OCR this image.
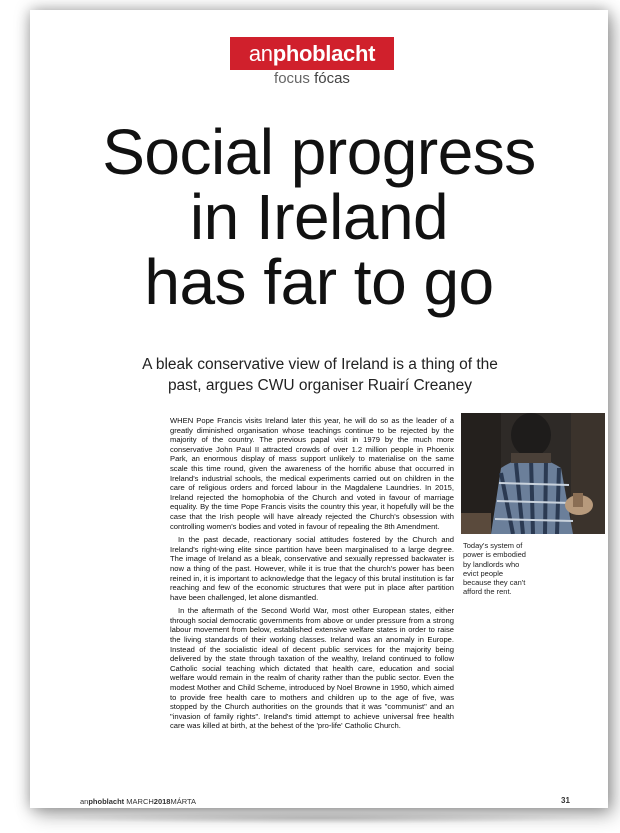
anphoblacht
focus fócas
Social progress
in Ireland
has far to go
A bleak conservative view of Ireland is a thing of the
past, argues CWU organiser Ruairí Creaney

WHEN Pope Francis visits Ireland later this year, he will do so as the leader of a greatly diminished organisation whose teachings continue to be rejected by the majority of the country. The previous papal visit in 1979 by the much more conservative John Paul II attracted crowds of over 1.2 million people in Phoenix Park, an enormous display of mass support unlikely to materialise on the same scale this time round, given the awareness of the horrific abuse that occurred in Ireland's industrial schools, the medical experiments carried out on children in the care of religious orders and forced labour in the Magdalene Laundries. In 2015, Ireland rejected the homophobia of the Church and voted in favour of marriage equality. By the time Pope Francis visits the country this year, it hopefully will be the case that the Irish people will have already rejected the Church's obsession with controlling women's bodies and voted in favour of repealing the 8th Amendment.

In the past decade, reactionary social attitudes fostered by the Church and Ireland's right-wing elite since partition have been marginalised to a large degree. The image of Ireland as a bleak, conservative and sexually repressed backwater is now a thing of the past. However, while it is true that the church's power has been reined in, it is important to acknowledge that the legacy of this brutal institution is far reaching and few of the economic structures that were put in place after partition have been challenged, let alone dismantled.

In the aftermath of the Second World War, most other European states, either through social democratic governments from above or under pressure from a strong labour movement from below, established extensive welfare states in order to raise the living standards of their working classes. Ireland was an anomaly in Europe. Instead of the socialistic ideal of decent public services for the majority being delivered by the state through taxation of the wealthy, Ireland continued to follow Catholic social teaching which dictated that health care, education and social welfare would remain in the realm of charity rather than the public sector. Even the modest Mother and Child Scheme, introduced by Noel Browne in 1950, which aimed to provide free health care to mothers and children up to the age of five, was stopped by the Church authorities on the grounds that it was "communist" and an "invasion of family rights". Ireland's timid attempt to achieve universal free health care was killed at birth, at the behest of the 'pro-life' Catholic Church.

Today's system of power is embodied by landlords who evict people because they can't afford the rent.
anphoblacht MARCH2018MÁRTA	31
